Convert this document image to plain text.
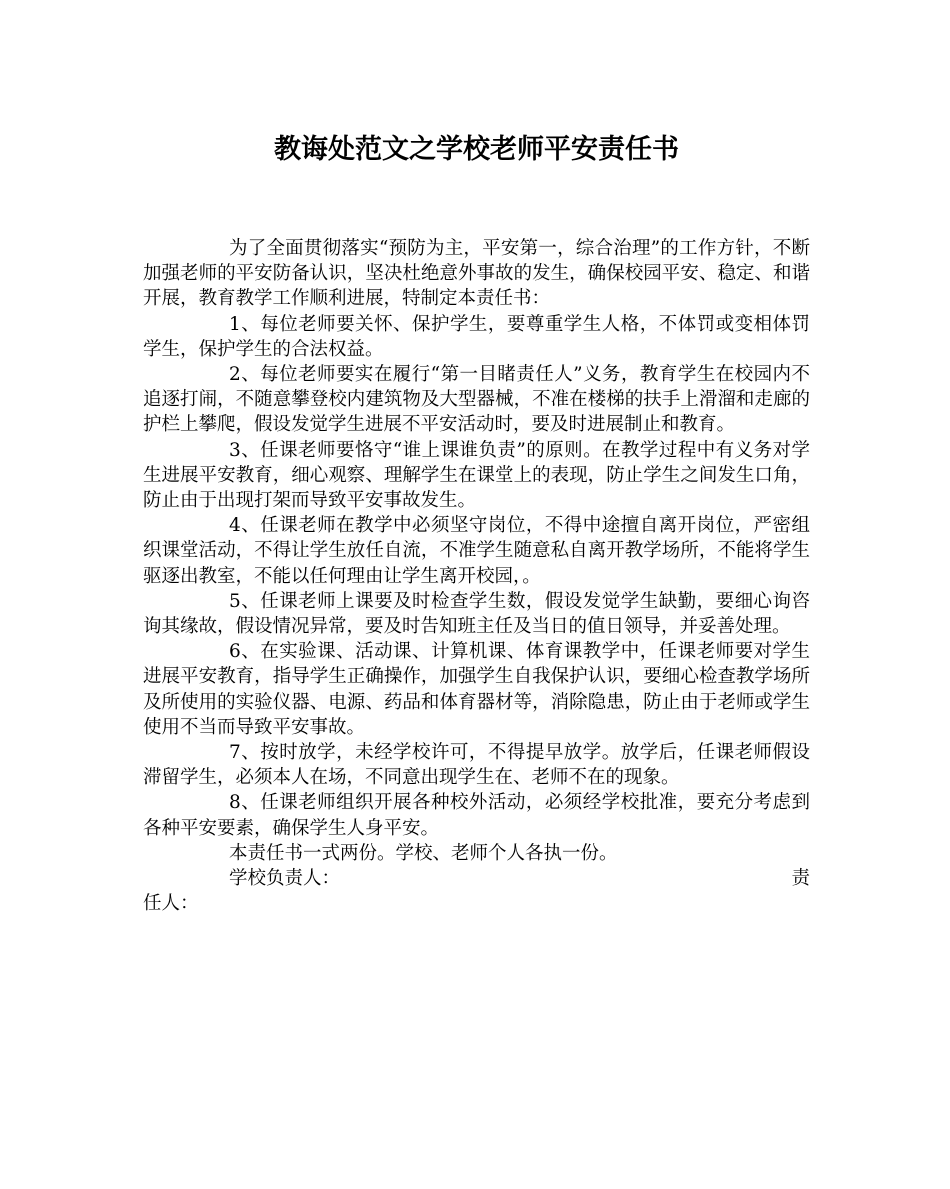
教诲处范文之学校老师平安责任书

为了全面贯彻落实“预防为主，平安第一，综合治理”的工作方针，不断加强老师的平安防备认识，坚决杜绝意外事故的发生，确保校园平安、稳定、和谐开展，教育教学工作顺利进展，特制定本责任书：

1、每位老师要关怀、保护学生，要尊重学生人格，不体罚或变相体罚学生，保护学生的合法权益。

2、每位老师要实在履行“第一目睹责任人”义务，教育学生在校园内不追逐打闹，不随意攀登校内建筑物及大型器械，不准在楼梯的扶手上滑溜和走廊的护栏上攀爬，假设发觉学生进展不平安活动时，要及时进展制止和教育。

3、任课老师要恪守“谁上课谁负责”的原则。在教学过程中有义务对学生进展平安教育，细心观察、理解学生在课堂上的表现，防止学生之间发生口角，防止由于出现打架而导致平安事故发生。

4、任课老师在教学中必须坚守岗位，不得中途擅自离开岗位，严密组织课堂活动，不得让学生放任自流，不准学生随意私自离开教学场所，不能将学生驱逐出教室，不能以任何理由让学生离开校园，。

5、任课老师上课要及时检查学生数，假设发觉学生缺勤，要细心询咨询其缘故，假设情况异常，要及时告知班主任及当日的值日领导，并妥善处理。

6、在实验课、活动课、计算机课、体育课教学中，任课老师要对学生进展平安教育，指导学生正确操作，加强学生自我保护认识，要细心检查教学场所及所使用的实验仪器、电源、药品和体育器材等，消除隐患，防止由于老师或学生使用不当而导致平安事故。

7、按时放学，未经学校许可，不得提早放学。放学后，任课老师假设滞留学生，必须本人在场，不同意出现学生在、老师不在的现象。

8、任课老师组织开展各种校外活动，必须经学校批准，要充分考虑到各种平安要素，确保学生人身平安。

本责任书一式两份。学校、老师个人各执一份。

学校负责人：	责

任人：
